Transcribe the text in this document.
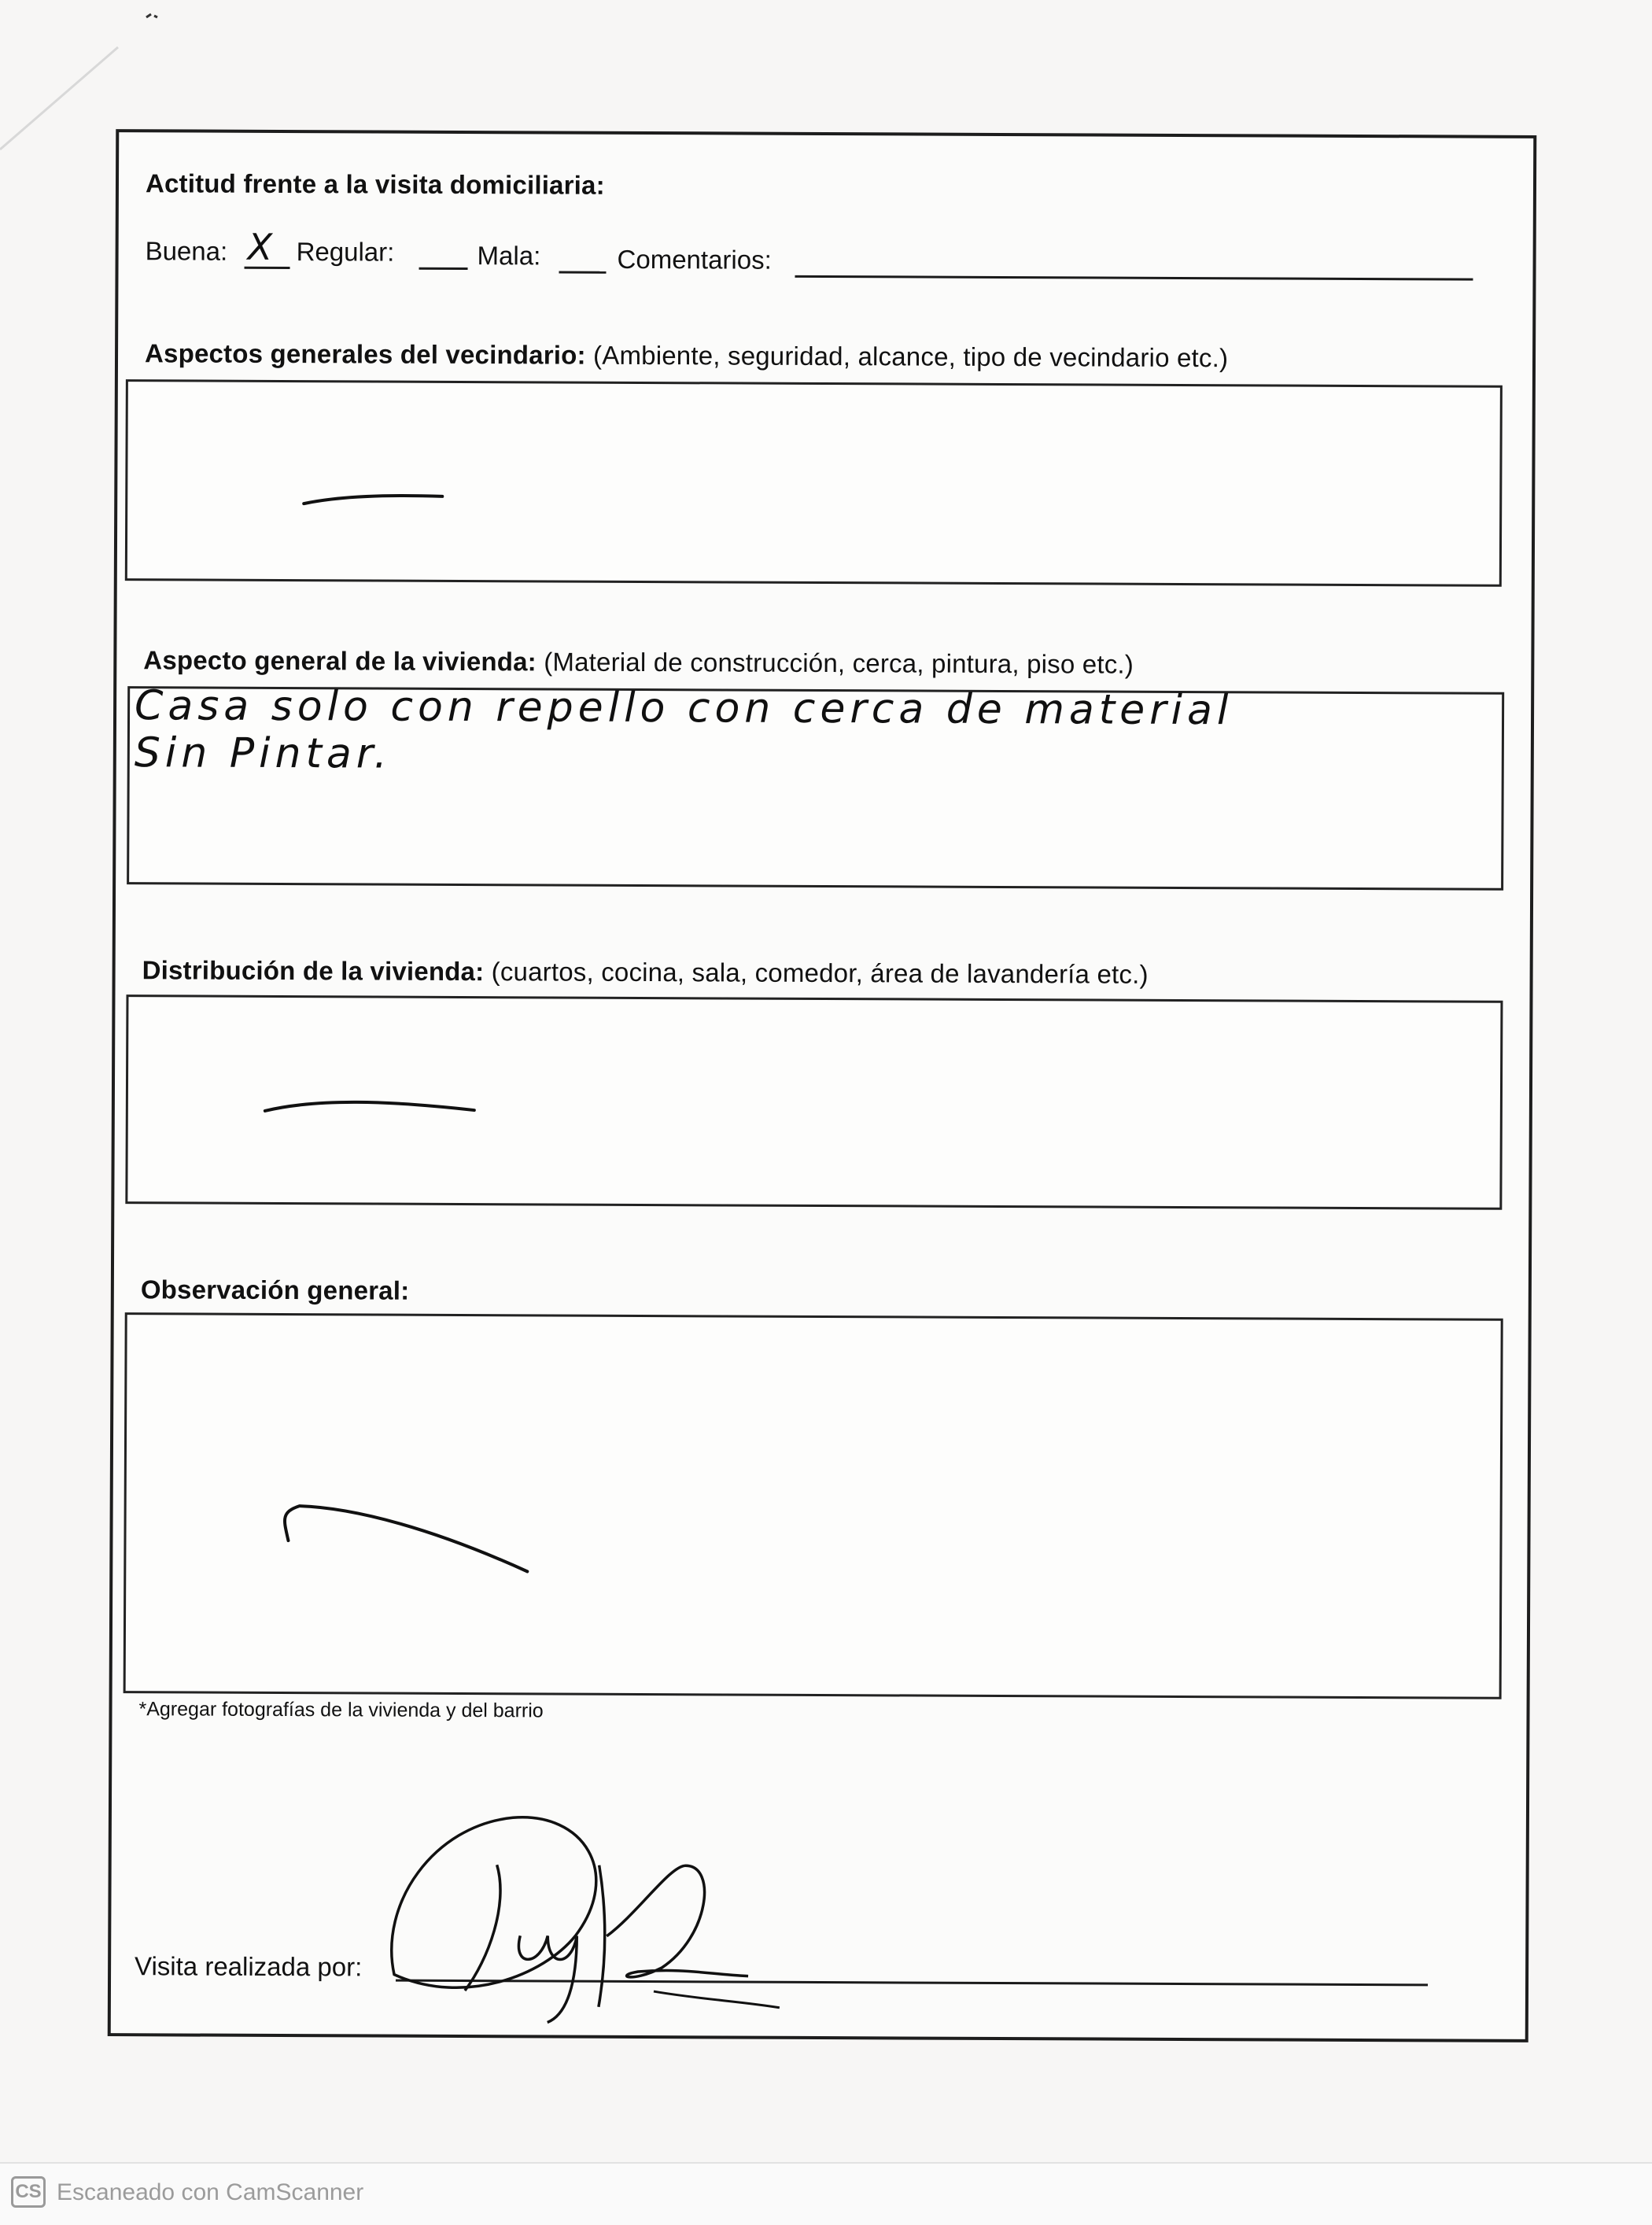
Actitud frente a la visita domiciliaria:
Buena: X Regular:	Mala:	Comentarios:
Aspectos generales del vecindario: (Ambiente, seguridad, alcance, tipo de vecindario etc.)
Aspecto general de la vivienda: (Material de construcción, cerca, pintura, piso etc.)
Casa solo con repello con cerca de material
Sin Pintar.
Distribución de la vivienda: (cuartos, cocina, sala, comedor, área de lavandería etc.)
Observación general:
*Agregar fotografías de la vivienda y del barrio
Visita realizada por:
CS Escaneado con CamScanner
